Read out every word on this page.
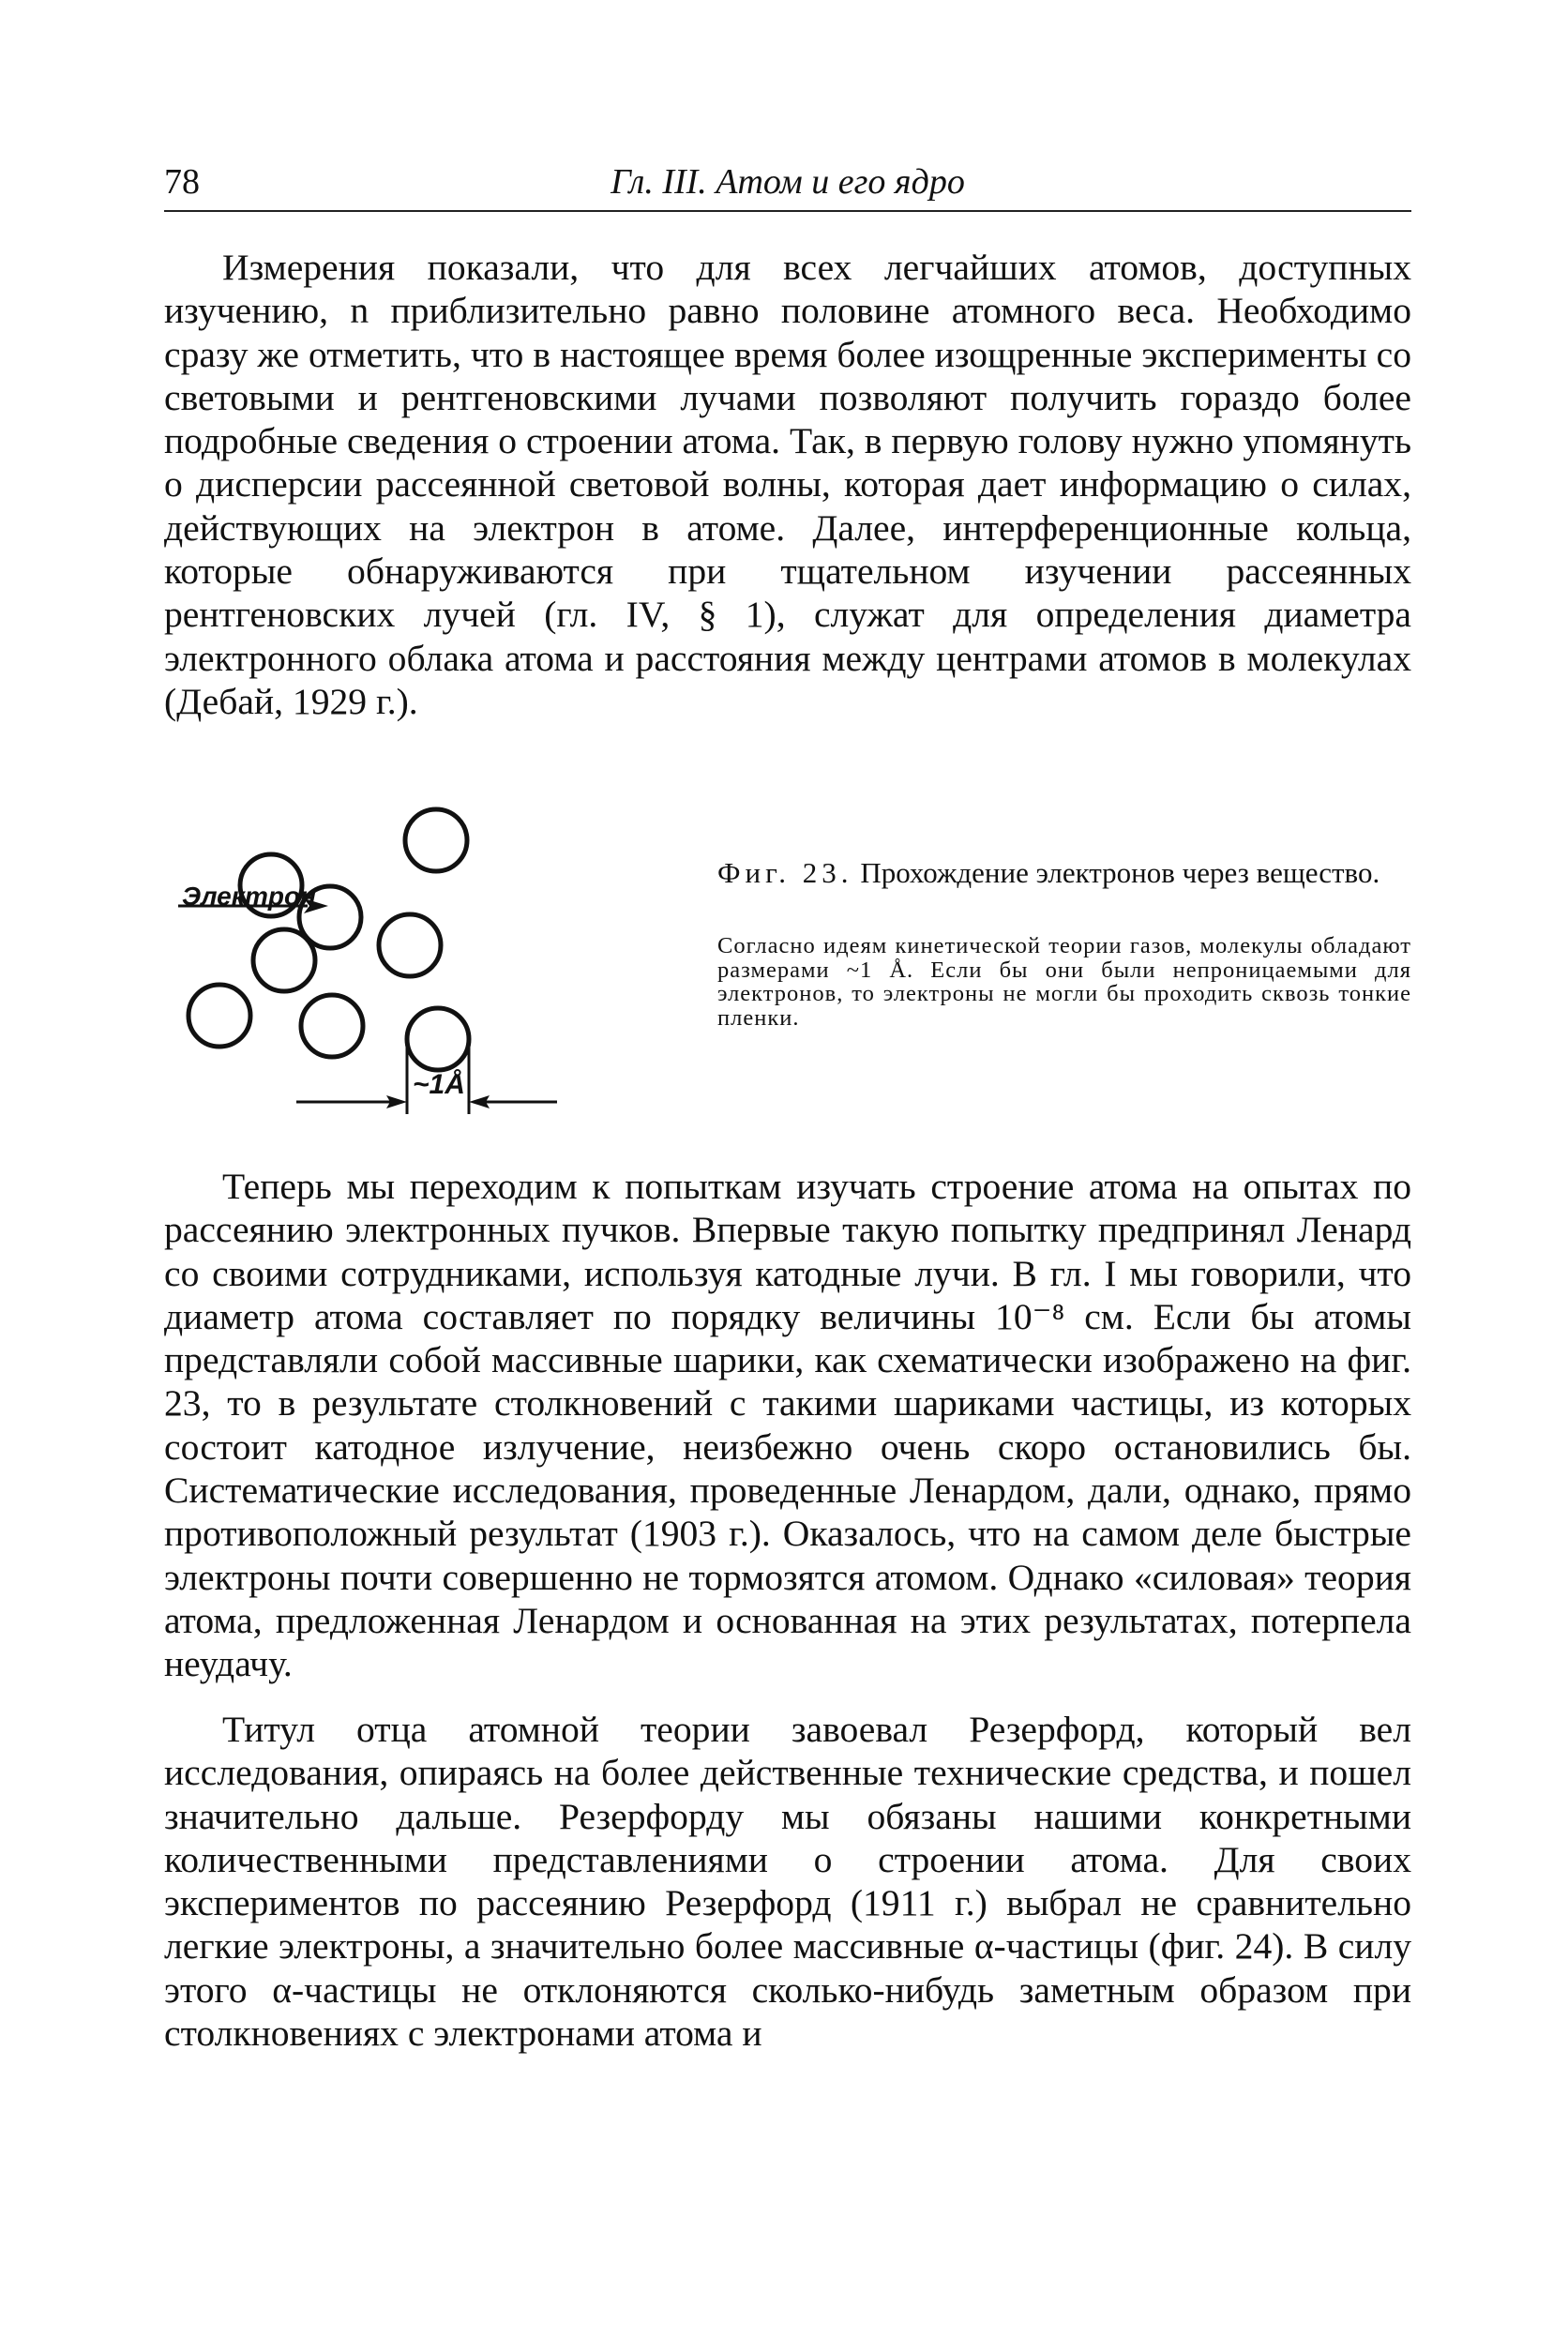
78	Гл. III. Атом и его ядро

Измерения показали, что для всех легчайших атомов, доступных изучению, n приблизительно равно половине атомного веса. Необходимо сразу же отметить, что в настоящее время более изощренные эксперименты со световыми и рентгеновскими лучами позволяют получить гораздо более подробные сведения о строении атома. Так, в первую голову нужно упомянуть о дисперсии рассеянной световой волны, которая дает информацию о силах, действующих на электрон в атоме. Далее, интерференционные кольца, которые обнаруживаются при тщательном изучении рассеянных рентгеновских лучей (гл. IV, § 1), служат для определения диаметра электронного облака атома и расстояния между центрами атомов в молекулах (Дебай, 1929 г.).

Электрон
~1Å
Фиг. 23. Прохождение электронов через вещество.
Согласно идеям кинетической теории газов, молекулы обладают размерами ~1 Å. Если бы они были непроницаемыми для электронов, то электроны не могли бы проходить сквозь тонкие пленки.

Теперь мы переходим к попыткам изучать строение атома на опытах по рассеянию электронных пучков. Впервые такую попытку предпринял Ленард со своими сотрудниками, используя катодные лучи. В гл. I мы говорили, что диаметр атома составляет по порядку величины 10⁻⁸ см. Если бы атомы представляли собой массивные шарики, как схематически изображено на фиг. 23, то в результате столкновений с такими шариками частицы, из которых состоит катодное излучение, неизбежно очень скоро остановились бы. Систематические исследования, проведенные Ленардом, дали, однако, прямо противоположный результат (1903 г.). Оказалось, что на самом деле быстрые электроны почти совершенно не тормозятся атомом. Однако «силовая» теория атома, предложенная Ленардом и основанная на этих результатах, потерпела неудачу.

Титул отца атомной теории завоевал Резерфорд, который вел исследования, опираясь на более действенные технические средства, и пошел значительно дальше. Резерфорду мы обязаны нашими конкретными количественными представлениями о строении атома. Для своих экспериментов по рассеянию Резерфорд (1911 г.) выбрал не сравнительно легкие электроны, а значительно более массивные α-частицы (фиг. 24). В силу этого α-частицы не отклоняются сколько-нибудь заметным образом при столкновениях с электронами атома и
